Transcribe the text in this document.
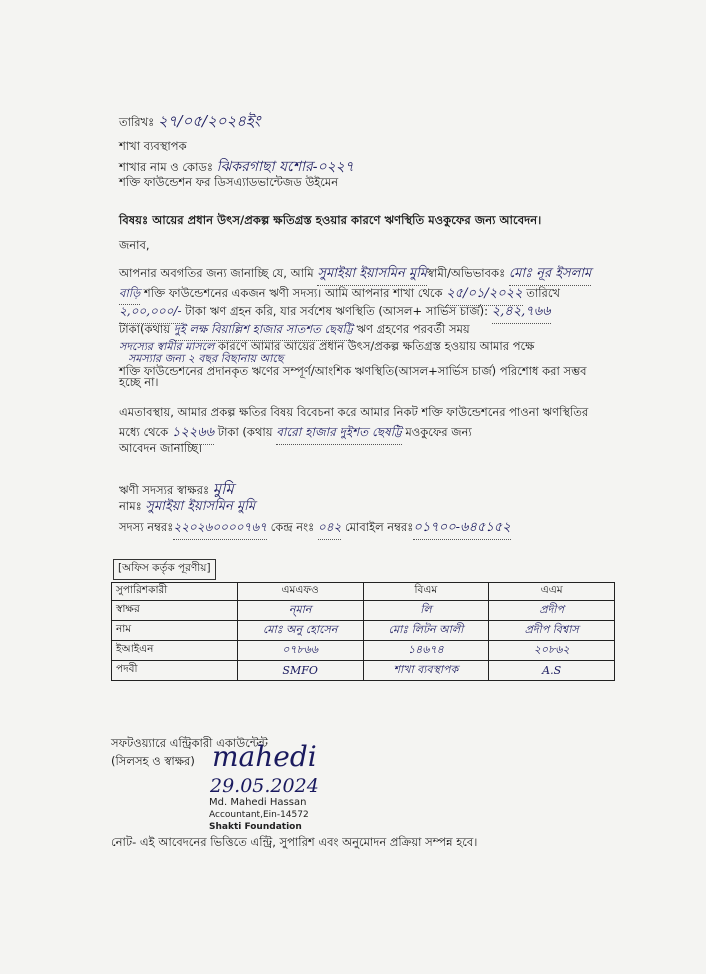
তারিখঃ ২৭/০৫/২০২৪ইং
শাখা ব্যবস্থাপক
শাখার নাম ও কোডঃ ঝিকরগাছা যশোর-০২২৭
শক্তি ফাউন্ডেশন ফর ডিসএ্যাডভান্টেজড উইমেন
বিষয়ঃ আয়ের প্রধান উৎস/প্রকল্প ক্ষতিগ্রস্ত হওয়ার কারণে ঋণস্থিতি মওকুফের জন্য আবেদন।
জনাব,
আপনার অবগতির জন্য জানাচ্ছি যে, আমি সুমাইয়া ইয়াসমিন মুমিস্বামী/অভিভাবকঃ মোঃ নূর ইসলাম
বাড়ি শক্তি ফাউন্ডেশনের একজন ঋণী সদস্য। আমি আপনার শাখা থেকে ২৫/০১/২০২২ তারিখে
২,০০,০০০/- টাকা ঋণ গ্রহন করি, যার সর্বশেষ ঋণস্থিতি (আসল+ সার্ভিস চার্জ): ২,৪২,৭৬৬
টাকা(কথায় দুই লক্ষ বিয়াল্লিশ হাজার সাতশত ছেষট্টি ঋণ গ্রহণের পরবর্তী সময়
সদস্যের স্বামীর মাসলে কারণে আমার আয়ের প্রধান উৎস/প্রকল্প ক্ষতিগ্রস্ত হওয়ায় আমার পক্ষে
সমস্যার জন্য ২ বছর বিছানায় আছে
শক্তি ফাউন্ডেশনের প্রদানকৃত ঋণের সম্পূর্ণ/আংশিক ঋণস্থিতি(আসল+সার্ভিস চার্জ) পরিশোধ করা সম্ভব
হচ্ছে না।
এমতাবস্থায়, আমার প্রকল্প ক্ষতির বিষয় বিবেচনা করে আমার নিকট শক্তি ফাউন্ডেশনের পাওনা ঋণস্থিতির
মধ্যে থেকে ১২২৬৬ টাকা (কথায় বারো হাজার দুইশত ছেষট্টি মওকুফের জন্য
আবেদন জানাচ্ছি।
ঋণী সদস্যর স্বাক্ষরঃ মুমি
নামঃ সুমাইয়া ইয়াসমিন মুমি
সদস্য নম্বরঃ২২০২৬০০০০৭৬৭ কেন্দ্র নংঃ ০৪২ মোবাইল নম্বরঃ০১৭০০-৬৪৫১৫২
[অফিস কর্তৃক পূরণীয়]
সুপারিশকারী	এমএফও	বিএম	এএম
স্বাক্ষর	ন্‌মান	লি	প্রদীপ
নাম	মোঃ অনু হোসেন	মোঃ লিটন আলী	প্রদীপ বিশ্বাস
ইআইএন	০৭৮৬৬	১৪৬৭৪	২০৮৬২
পদবী	SMFO	শাখা ব্যবস্থাপক	A.S
সফটওয়্যারে এন্ট্রিকারী একাউন্টেন্ট
(সিলসহ ও স্বাক্ষর) mahedi
29.05.2024
Md. Mahedi Hassan
Accountant,Ein-14572
Shakti Foundation
নোট- এই আবেদনের ভিত্তিতে এন্ট্রি, সুপারিশ এবং অনুমোদন প্রক্রিয়া সম্পন্ন হবে।
